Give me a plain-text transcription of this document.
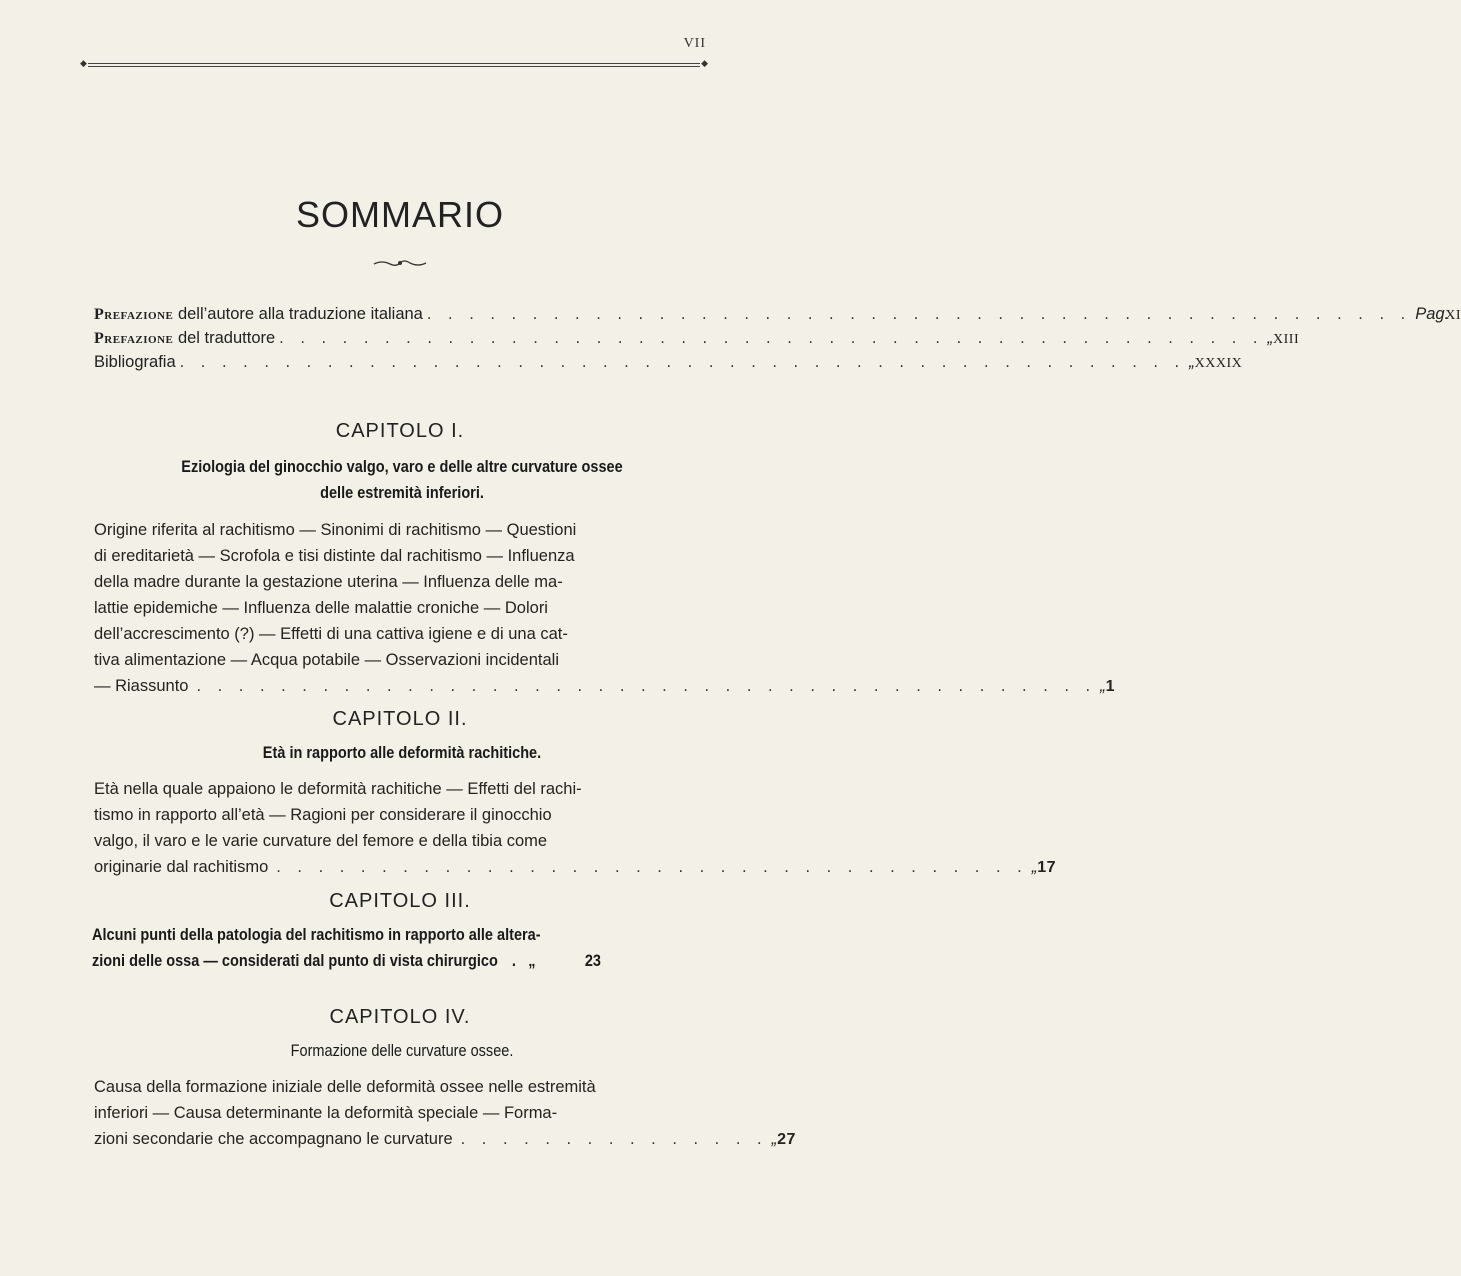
VII
◆	◆
SOMMARIO
Prefazione dell’autore alla traduzione italiana . . . . . . . . . . . . . . . . . . . . . . . . . . . . . . . . . . . . . . . . . . . . . . . Pag.
XI
Prefazione del traduttore . . . . . . . . . . . . . . . . . . . . . . . . . . . . . . . . . . . . . . . . . . . . . . . „ XIII
Bibliografia . . . . . . . . . . . . . . . . . . . . . . . . . . . . . . . . . . . . . . . . . . . . . . . . „ XXXIX
CAPITOLO I.
Eziologia del ginocchio valgo, varo e delle altre curvature ossee
delle estremità inferiori.
Origine riferita al rachitismo — Sinonimi di rachitismo — Questioni
di ereditarietà — Scrofola e tisi distinte dal rachitismo — Influenza
della madre durante la gestazione uterina — Influenza delle ma-
lattie epidemiche — Influenza delle malattie croniche — Dolori
dell’accrescimento (?) — Effetti di una cattiva igiene e di una cat-
tiva alimentazione — Acqua potabile — Osservazioni incidentali
— Riassunto . . . . . . . . . . . . . . . . . . . . . . . . . . . . . . . . . . . . . . . . . . . „ 1
CAPITOLO II.
Età in rapporto alle deformità rachitiche.
Età nella quale appaiono le deformità rachitiche — Effetti del rachi-
tismo in rapporto all’età — Ragioni per considerare il ginocchio
valgo, il varo e le varie curvature del femore e della tibia come
originarie dal rachitismo . . . . . . . . . . . . . . . . . . . . . . . . . . . . . . . . . . . . „ 17
CAPITOLO III.
Alcuni punti della patologia del rachitismo in rapporto alle altera-
zioni delle ossa — considerati dal punto di vista chirurgico . „	23
CAPITOLO IV.
Formazione delle curvature ossee.
Causa della formazione iniziale delle deformità ossee nelle estremità
inferiori — Causa determinante la deformità speciale — Forma-
zioni secondarie che accompagnano le curvature . . . . . . . . . . . . . . . „ 27
